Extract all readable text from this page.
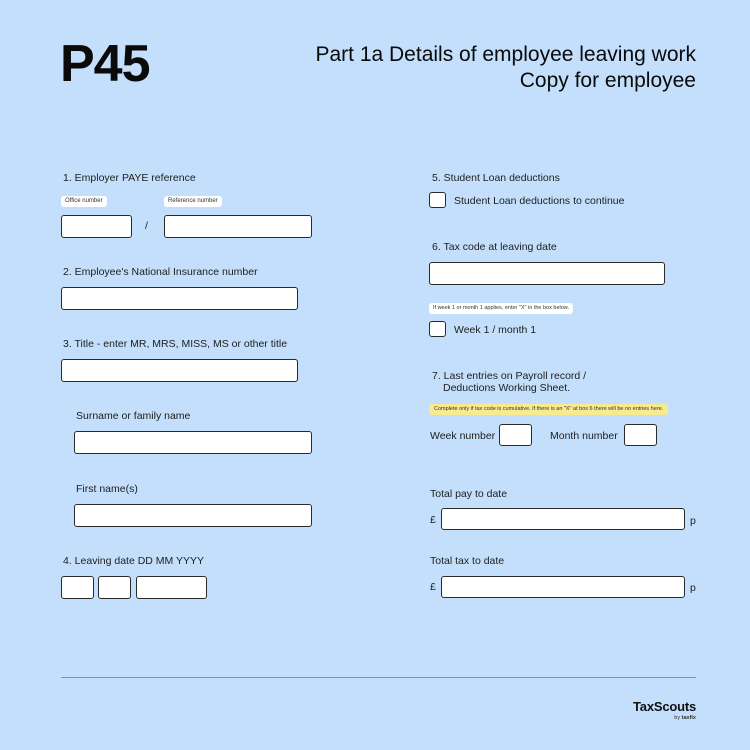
P45	Part 1a Details of employee leaving work Copy for employee
1. Employer PAYE reference
Office number	Reference number
/
2. Employee's National Insurance number
3. Title - enter MR, MRS, MISS, MS or other title
Surname or family name
First name(s)
4. Leaving date DD MM YYYY
5. Student Loan deductions
Student Loan deductions to continue
6. Tax code at leaving date
If week 1 or month 1 applies, enter "X" in the box below.
Week 1 / month 1
7. Last entries on Payroll record /
Deductions Working Sheet.
Complete only if tax code is cumulative. If there is an "X" at box 6 there will be no entries here.
Week number	Month number
Total pay to date
£	p
Total tax to date
£	p
TaxScouts
by taxfix
